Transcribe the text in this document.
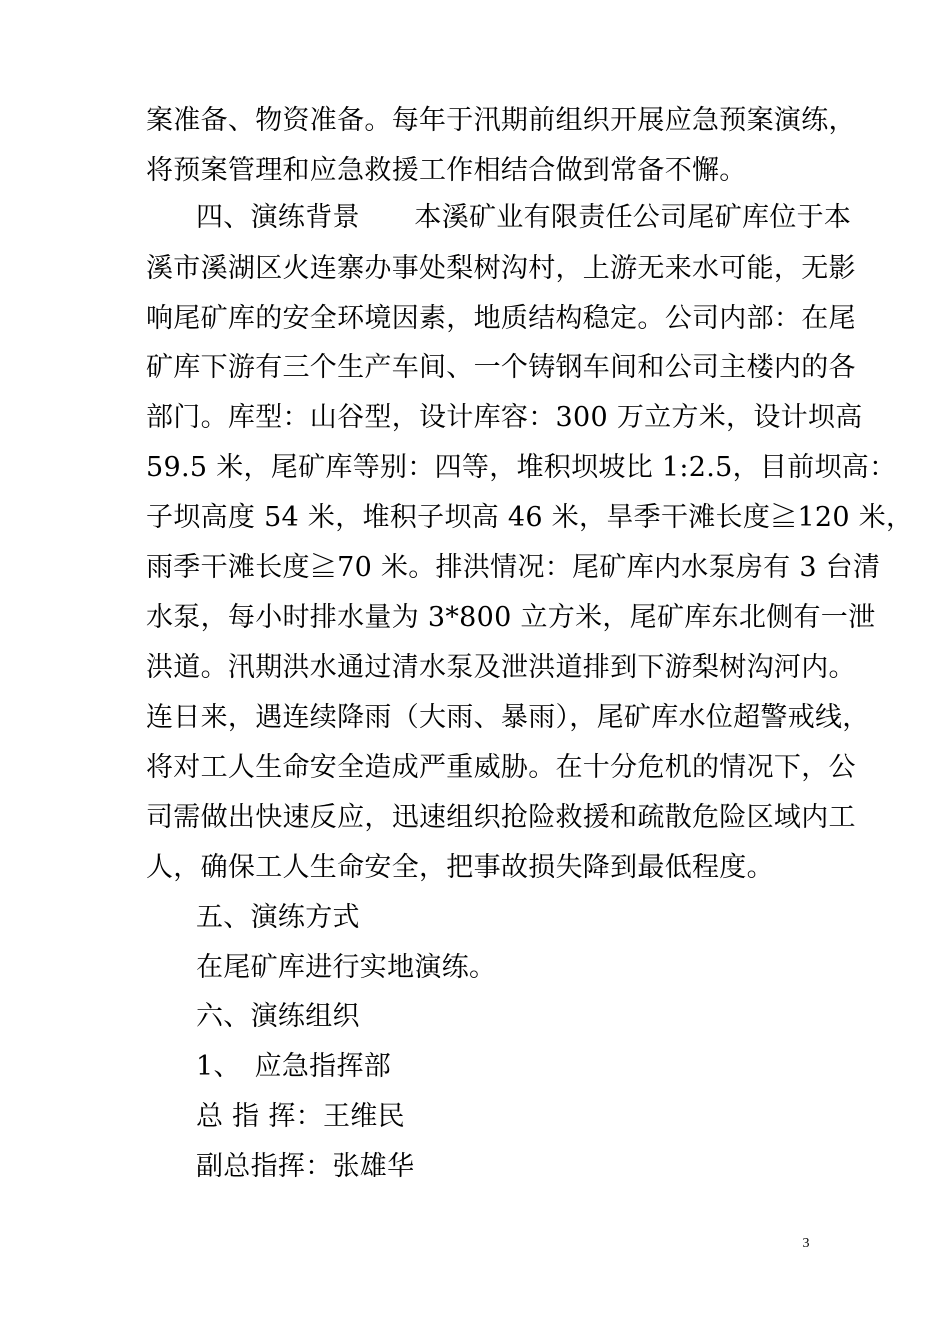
案准备、物资准备。每年于汛期前组织开展应急预案演练，
将预案管理和应急救援工作相结合做到常备不懈。
四、演练背景　　本溪矿业有限责任公司尾矿库位于本
溪市溪湖区火连寨办事处梨树沟村，上游无来水可能，无影
响尾矿库的安全环境因素，地质结构稳定。公司内部：在尾
矿库下游有三个生产车间、一个铸钢车间和公司主楼内的各
部门。库型：山谷型，设计库容：300 万立方米，设计坝高
59.5 米，尾矿库等别：四等，堆积坝坡比 1:2.5，目前坝高：
子坝高度 54 米，堆积子坝高 46 米，旱季干滩长度≧120 米，
雨季干滩长度≧70 米。排洪情况：尾矿库内水泵房有 3 台清
水泵，每小时排水量为 3*800 立方米，尾矿库东北侧有一泄
洪道。汛期洪水通过清水泵及泄洪道排到下游梨树沟河内。
连日来，遇连续降雨（大雨、暴雨），尾矿库水位超警戒线，
将对工人生命安全造成严重威胁。在十分危机的情况下，公
司需做出快速反应，迅速组织抢险救援和疏散危险区域内工
人，确保工人生命安全，把事故损失降到最低程度。
五、演练方式
在尾矿库进行实地演练。
六、演练组织
1、　应急指挥部
总 指 挥：王维民
副总指挥：张雄华
3
